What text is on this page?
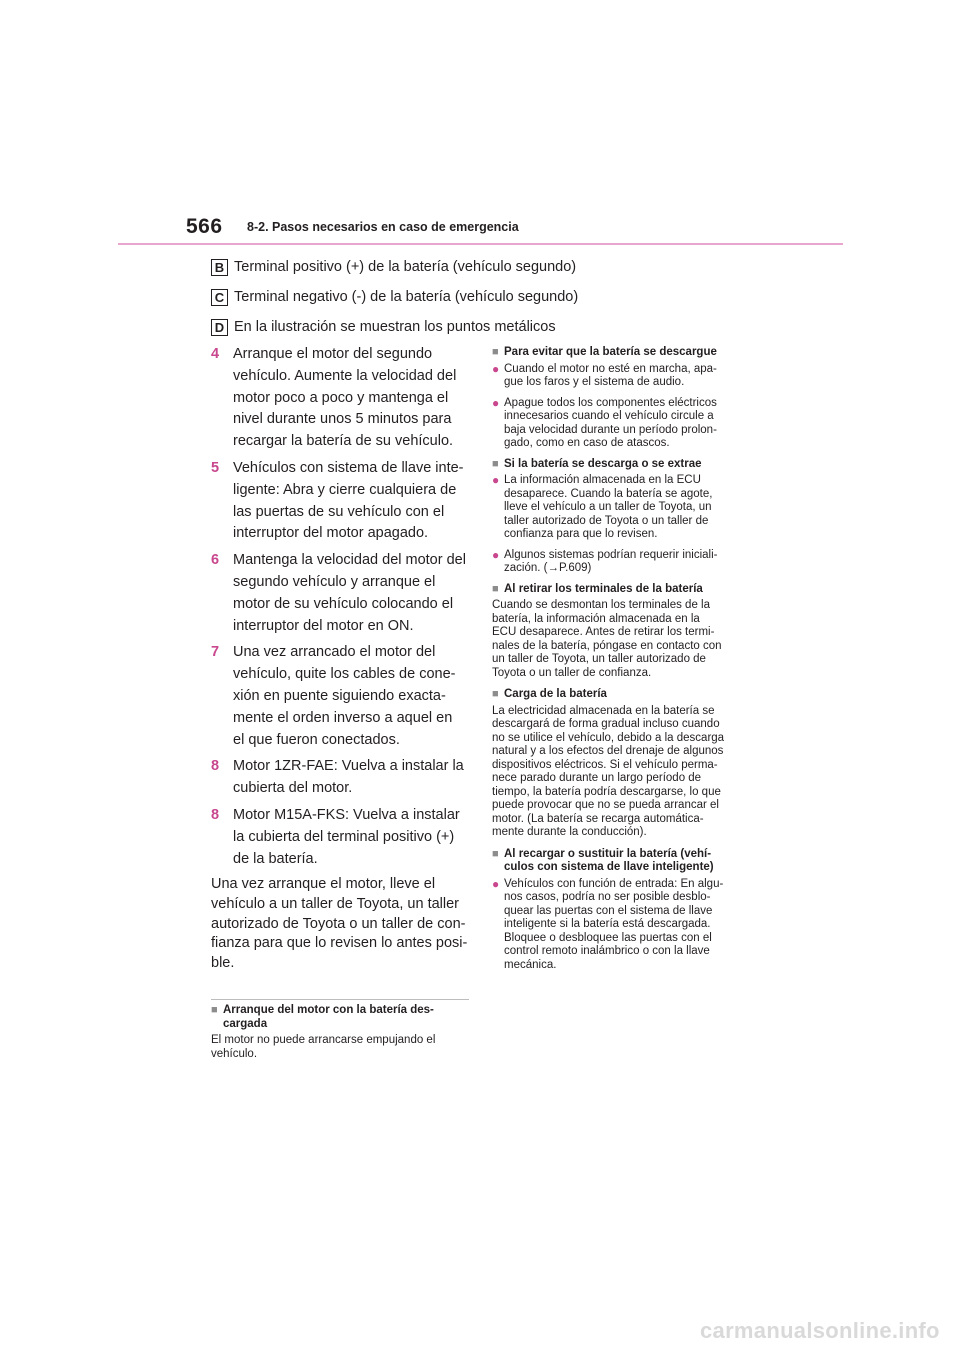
566 8-2. Pasos necesarios en caso de emergencia
B Terminal positivo (+) de la batería (vehículo segundo)
C Terminal negativo (-) de la batería (vehículo segundo)
D En la ilustración se muestran los puntos metálicos
4 Arranque el motor del segundo
vehículo. Aumente la velocidad del
motor poco a poco y mantenga el
nivel durante unos 5 minutos para
recargar la batería de su vehículo.
5 Vehículos con sistema de llave inte-
ligente: Abra y cierre cualquiera de
las puertas de su vehículo con el
interruptor del motor apagado.
6 Mantenga la velocidad del motor del
segundo vehículo y arranque el
motor de su vehículo colocando el
interruptor del motor en ON.
7 Una vez arrancado el motor del
vehículo, quite los cables de cone-
xión en puente siguiendo exacta-
mente el orden inverso a aquel en
el que fueron conectados.
8 Motor 1ZR-FAE: Vuelva a instalar la
cubierta del motor.
8 Motor M15A-FKS: Vuelva a instalar
la cubierta del terminal positivo (+)
de la batería.
Una vez arranque el motor, lleve el
vehículo a un taller de Toyota, un taller
autorizado de Toyota o un taller de con-
fianza para que lo revisen lo antes posi-
ble.
■ Arranque del motor con la batería des-
cargada
El motor no puede arrancarse empujando el
vehículo.
■ Para evitar que la batería se descargue
● Cuando el motor no esté en marcha, apa-
gue los faros y el sistema de audio.
● Apague todos los componentes eléctricos
innecesarios cuando el vehículo circule a
baja velocidad durante un período prolon-
gado, como en caso de atascos.
■ Si la batería se descarga o se extrae
● La información almacenada en la ECU
desaparece. Cuando la batería se agote,
lleve el vehículo a un taller de Toyota, un
taller autorizado de Toyota o un taller de
confianza para que lo revisen.
● Algunos sistemas podrían requerir iniciali-
zación. (→P.609)
■ Al retirar los terminales de la batería
Cuando se desmontan los terminales de la
batería, la información almacenada en la
ECU desaparece. Antes de retirar los termi-
nales de la batería, póngase en contacto con
un taller de Toyota, un taller autorizado de
Toyota o un taller de confianza.
■ Carga de la batería
La electricidad almacenada en la batería se
descargará de forma gradual incluso cuando
no se utilice el vehículo, debido a la descarga
natural y a los efectos del drenaje de algunos
dispositivos eléctricos. Si el vehículo perma-
nece parado durante un largo período de
tiempo, la batería podría descargarse, lo que
puede provocar que no se pueda arrancar el
motor. (La batería se recarga automática-
mente durante la conducción).
■ Al recargar o sustituir la batería (vehí-
culos con sistema de llave inteligente)
● Vehículos con función de entrada: En algu-
nos casos, podría no ser posible desblo-
quear las puertas con el sistema de llave
inteligente si la batería está descargada.
Bloquee o desbloquee las puertas con el
control remoto inalámbrico o con la llave
mecánica.
carmanualsonline.info
